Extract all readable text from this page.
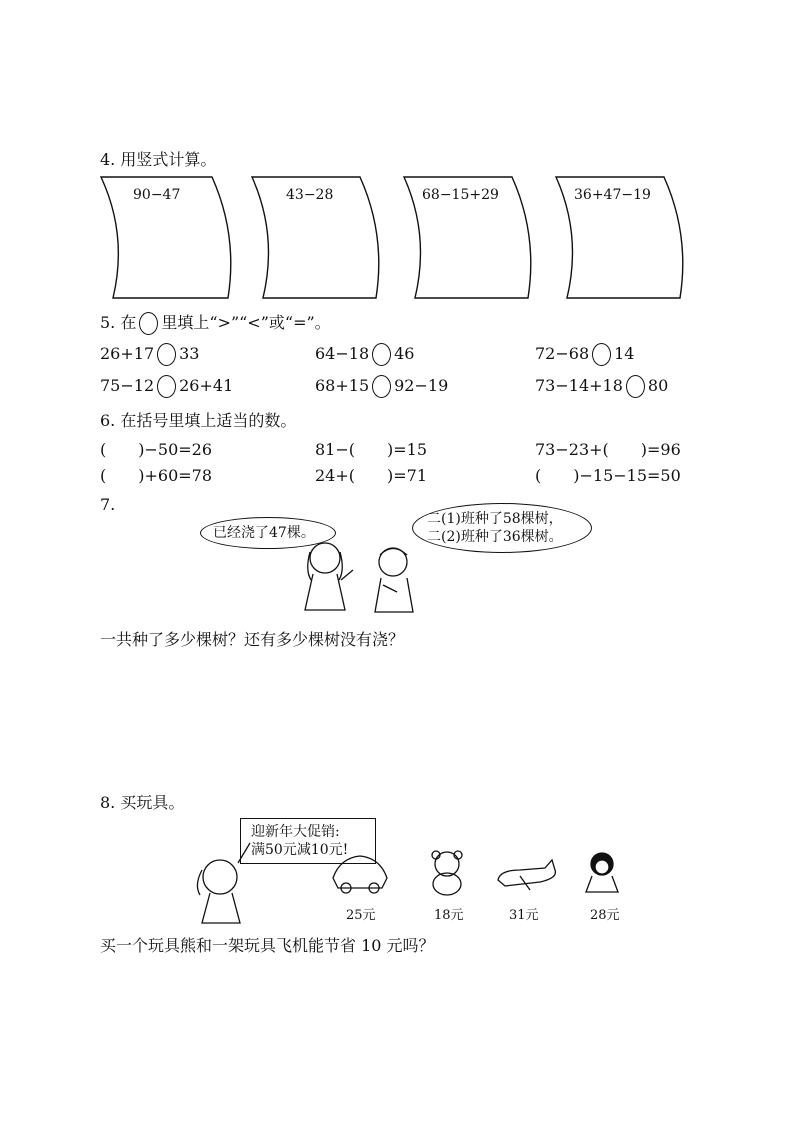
4. 用竖式计算。
90−47	43−28	68−15+29	36+47−19
5. 在 里填上“>”“<”或“=”。
26+17 33	64−18 46	72−68 14
75−12 26+41	68+15 92−19	73−14+18 80
6. 在括号里填上适当的数。
(　　)−50=26	81−(　　)=15	73−23+(　　)=96
(　　)+60=78	24+(　　)=71	(　　)−15−15=50
7.
已经浇了47棵。
二(1)班种了58棵树，
二(2)班种了36棵树。
一共种了多少棵树？还有多少棵树没有浇？
8. 买玩具。
迎新年大促销:
满50元减10元!
25元	18元	31元	28元
买一个玩具熊和一架玩具飞机能节省 10 元吗？
